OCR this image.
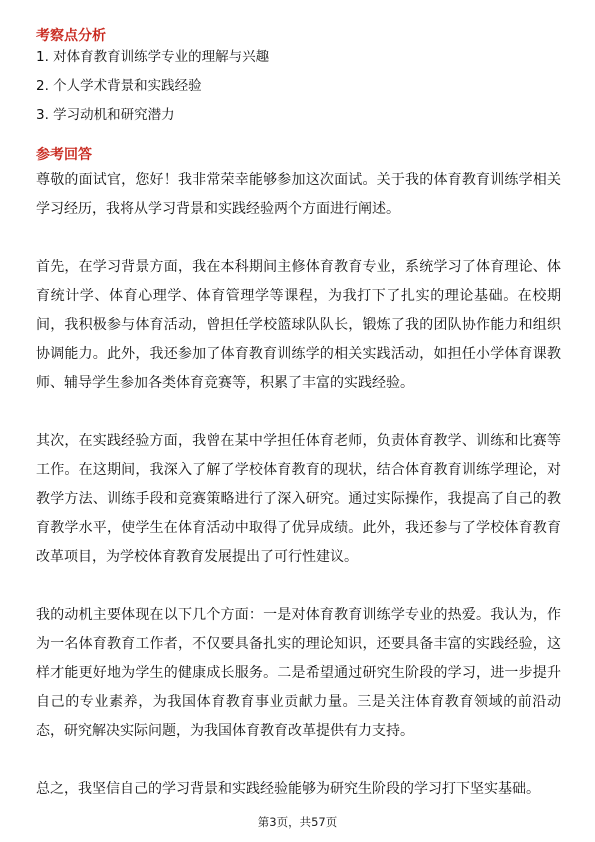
考察点分析
1. 对体育教育训练学专业的理解与兴趣
2. 个人学术背景和实践经验
3. 学习动机和研究潜力
参考回答

尊敬的面试官，您好！我非常荣幸能够参加这次面试。关于我的体育教育训练学相关学习经历，我将从学习背景和实践经验两个方面进行阐述。

首先，在学习背景方面，我在本科期间主修体育教育专业，系统学习了体育理论、体育统计学、体育心理学、体育管理学等课程，为我打下了扎实的理论基础。在校期间，我积极参与体育活动，曾担任学校篮球队队长，锻炼了我的团队协作能力和组织协调能力。此外，我还参加了体育教育训练学的相关实践活动，如担任小学体育课教师、辅导学生参加各类体育竞赛等，积累了丰富的实践经验。

其次，在实践经验方面，我曾在某中学担任体育老师，负责体育教学、训练和比赛等工作。在这期间，我深入了解了学校体育教育的现状，结合体育教育训练学理论，对教学方法、训练手段和竞赛策略进行了深入研究。通过实际操作，我提高了自己的教育教学水平，使学生在体育活动中取得了优异成绩。此外，我还参与了学校体育教育改革项目，为学校体育教育发展提出了可行性建议。

我的动机主要体现在以下几个方面：一是对体育教育训练学专业的热爱。我认为，作为一名体育教育工作者，不仅要具备扎实的理论知识，还要具备丰富的实践经验，这样才能更好地为学生的健康成长服务。二是希望通过研究生阶段的学习，进一步提升自己的专业素养，为我国体育教育事业贡献力量。三是关注体育教育领域的前沿动态，研究解决实际问题，为我国体育教育改革提供有力支持。

总之，我坚信自己的学习背景和实践经验能够为研究生阶段的学习打下坚实基础。

第3页，共57页
